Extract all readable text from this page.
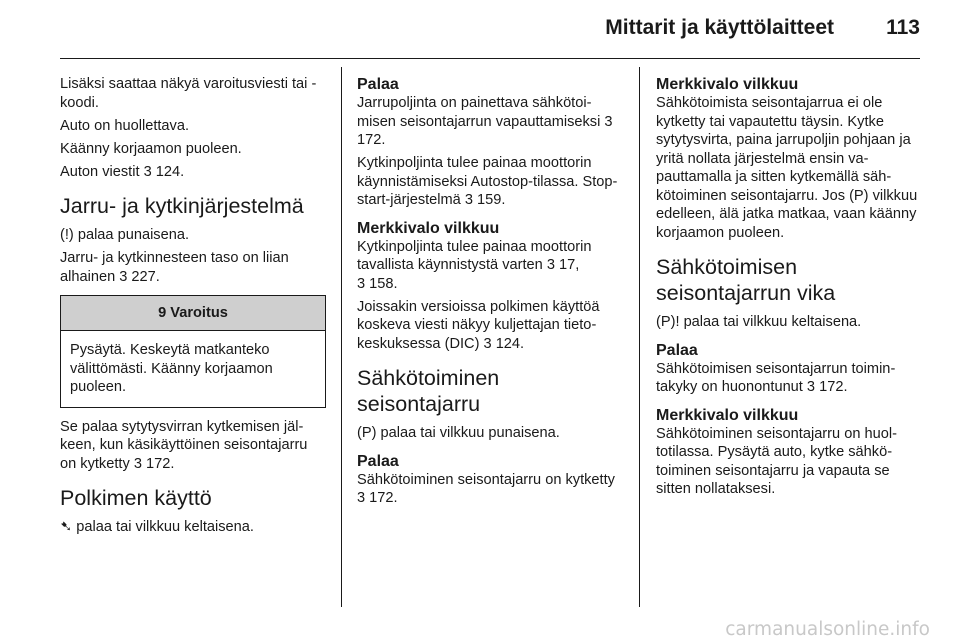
Mittarit ja käyttölaitteet 113

Lisäksi saattaa näkyä varoitusviesti tai -koodi.

Auto on huollettava.

Käänny korjaamon puoleen.

Auton viestit 3 124.

Jarru- ja kytkinjärjestelmä

(!) palaa punaisena.

Jarru- ja kytkinnesteen taso on liian alhainen 3 227.

9 Varoitus
Pysäytä. Keskeytä matkanteko välittömästi. Käänny korjaamon puoleen.

Se palaa sytytysvirran kytkemisen jälkeen, kun käsikäyttöinen seisontajarru on kytketty 3 172.

Polkimen käyttö

➷ palaa tai vilkkuu keltaisena.

Palaa

Jarrupoljinta on painettava sähkötoimisen seisontajarrun vapauttamiseksi 3 172.

Kytkinpoljinta tulee painaa moottorin käynnistämiseksi Autostop-tilassa. Stop-start-järjestelmä 3 159.

Merkkivalo vilkkuu

Kytkinpoljinta tulee painaa moottorin tavallista käynnistystä varten 3 17,
3 158.

Joissakin versioissa polkimen käyttöä koskeva viesti näkyy kuljettajan tietokeskuksessa (DIC) 3 124.

Sähkötoiminen seisontajarru

(P) palaa tai vilkkuu punaisena.

Palaa

Sähkötoiminen seisontajarru on kytketty 3 172.

Merkkivalo vilkkuu

Sähkötoimista seisontajarrua ei ole kytketty tai vapautettu täysin. Kytke sytytysvirta, paina jarrupoljin pohjaan ja yritä nollata järjestelmä ensin vapauttamalla ja sitten kytkemällä sähkötoiminen seisontajarru. Jos (P) vilkkuu edelleen, älä jatka matkaa, vaan käänny korjaamon puoleen.

Sähkötoimisen seisontajarrun vika

(P)! palaa tai vilkkuu keltaisena.

Palaa

Sähkötoimisen seisontajarrun toimintakyky on huonontunut 3 172.

Merkkivalo vilkkuu

Sähkötoiminen seisontajarru on huoltotilassa. Pysäytä auto, kytke sähkötoiminen seisontajarru ja vapauta se sitten nollataksesi.

carmanualsonline.info
